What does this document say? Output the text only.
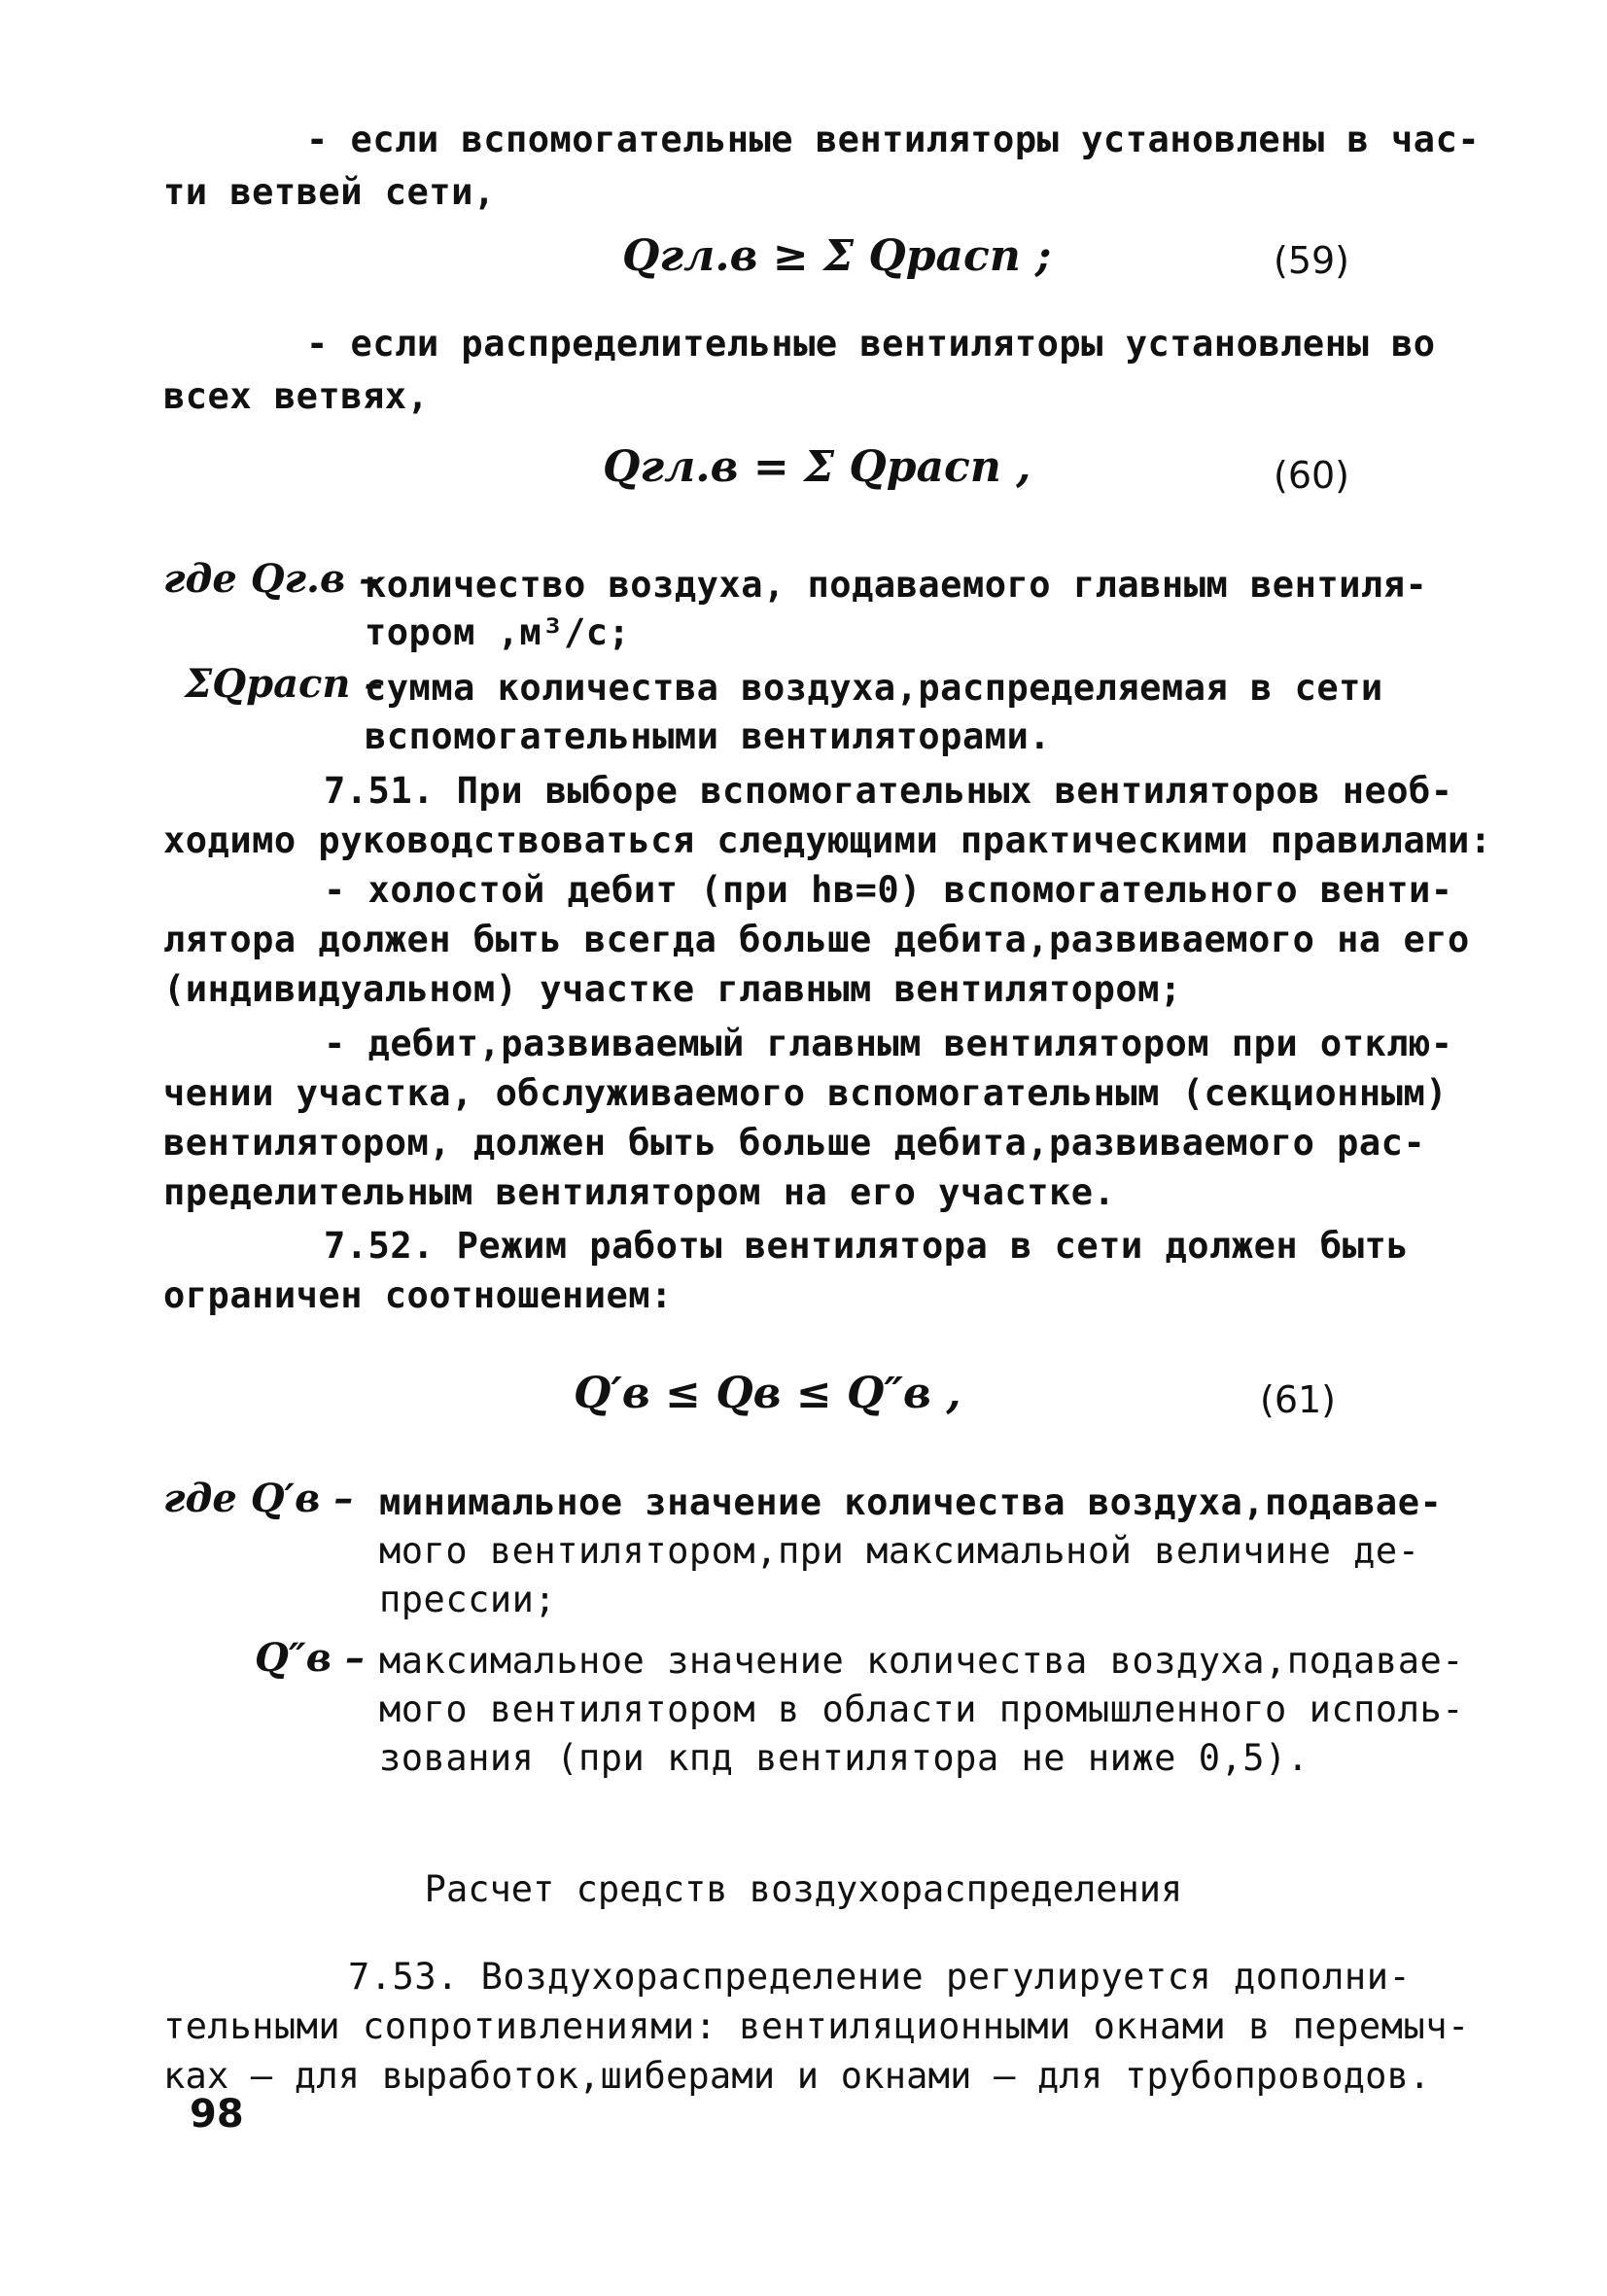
- если вспомогательные вентиляторы установлены в час-
ти ветвей сети,
Qгл.в ≥ Σ Qрасп ;	(59)
- если распределительные вентиляторы установлены во
всех ветвях,
Qгл.в = Σ Qрасп ,	(60)
где Qг.в –
количество воздуха, подаваемого главным вентиля-
тором ,м³/с;
ΣQрасп –
сумма количества воздуха,распределяемая в сети
вспомогательными вентиляторами.
7.51. При выборе вспомогательных вентиляторов необ-
ходимо руководствоваться следующими практическими правилами:
- холостой дебит (при hв=0) вспомогательного венти-
лятора должен быть всегда больше дебита,развиваемого на его
(индивидуальном) участке главным вентилятором;
- дебит,развиваемый главным вентилятором при отклю-
чении участка, обслуживаемого вспомогательным (секционным)
вентилятором, должен быть больше дебита,развиваемого рас-
пределительным вентилятором на его участке.
7.52. Режим работы вентилятора в сети должен быть
ограничен соотношением:
Q′в ≤ Qв ≤ Q″в ,	(61)
где Q′в – минимальное значение количества воздуха,подавае-
мого вентилятором,при максимальной величине де-
прессии;
Q″в – максимальное значение количества воздуха,подавае-
мого вентилятором в области промышленного исполь-
зования (при кпд вентилятора не ниже 0,5).
Расчет средств воздухораспределения
7.53. Воздухораспределение регулируется дополни-
тельными сопротивлениями: вентиляционными окнами в перемыч-
ках – для выработок,шиберами и окнами – для трубопроводов.
98
